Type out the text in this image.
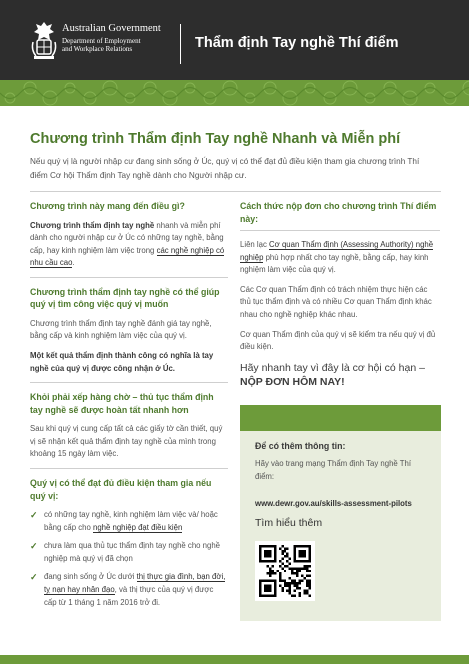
Australian Government
Department of Employment
and Workplace Relations	Thẩm định Tay nghề Thí điểm
Chương trình Thẩm định Tay nghề Nhanh và Miễn phí
Nếu quý vị là người nhập cư đang sinh sống ở Úc, quý vị có thể đạt đủ điều kiện tham gia chương trình Thí điểm Cơ hội Thẩm định Tay nghề dành cho Người nhập cư.
Chương trình này mang đến điều gì?

Chương trình thẩm định tay nghề nhanh và miễn phí dành cho người nhập cư ở Úc có những tay nghề, bằng cấp, hay kinh nghiệm làm việc trong các nghề nghiệp có nhu cầu cao.

Chương trình thẩm định tay nghề có thể giúp quý vị tìm công việc quý vị muốn

Chương trình thẩm định tay nghề đánh giá tay nghề, bằng cấp và kinh nghiệm làm việc của quý vị.

Một kết quả thẩm định thành công có nghĩa là tay nghề của quý vị được công nhận ở Úc.

Khỏi phải xếp hàng chờ – thủ tục thẩm định tay nghề sẽ được hoàn tất nhanh hơn

Sau khi quý vị cung cấp tất cả các giấy tờ cần thiết, quý vị sẽ nhận kết quả thẩm định tay nghề của mình trong khoảng 15 ngày làm việc.

Quý vị có thể đạt đủ điều kiện tham gia nếu quý vị:
✓ có những tay nghề, kinh nghiệm làm việc và/ hoặc bằng cấp cho nghề nghiệp đạt điều kiện
✓ chưa làm qua thủ tục thẩm định tay nghề cho nghề nghiệp mà quý vị đã chọn
✓ đang sinh sống ở Úc dưới thị thực gia đình, bạn đời, tỵ nạn hay nhân đạo, và thị thực của quý vị được cấp từ 1 tháng 1 năm 2016 trở đi.
Cách thức nộp đơn cho chương trình Thí điểm này:

Liên lạc Cơ quan Thẩm định (Assessing Authority) nghề nghiệp phù hợp nhất cho tay nghề, bằng cấp, hay kinh nghiệm làm việc của quý vị.

Các Cơ quan Thẩm định có trách nhiệm thực hiện các thủ tục thẩm định và có nhiều Cơ quan Thẩm định khác nhau cho nghề nghiệp khác nhau.

Cơ quan Thẩm định của quý vị sẽ kiểm tra nếu quý vị đủ điều kiện.

Hãy nhanh tay vì đây là cơ hội có hạn –
NỘP ĐƠN HÔM NAY!
Để có thêm thông tin:
Hãy vào trang mạng Thẩm định Tay nghề Thí điểm:
www.dewr.gov.au/skills-assessment-pilots
Tìm hiểu thêm
